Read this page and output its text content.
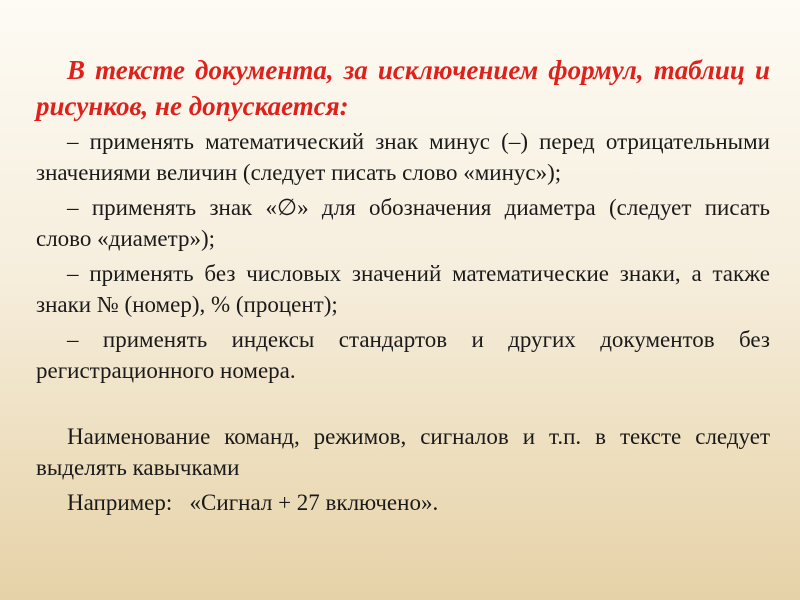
В тексте документа, за исключением формул, таблиц и рисунков, не допускается:

– применять математический знак минус (–) перед отрицательными значениями величин (следует писать слово «минус»);

– применять знак «∅» для обозначения диаметра (следует писать слово «диаметр»);

– применять без числовых значений математические знаки, а также знаки № (номер), % (процент);

– применять индексы стандартов и других документов без регистрационного номера.

Наименование команд, режимов, сигналов и т.п. в тексте следует выделять кавычками

Например: «Сигнал + 27 включено».
